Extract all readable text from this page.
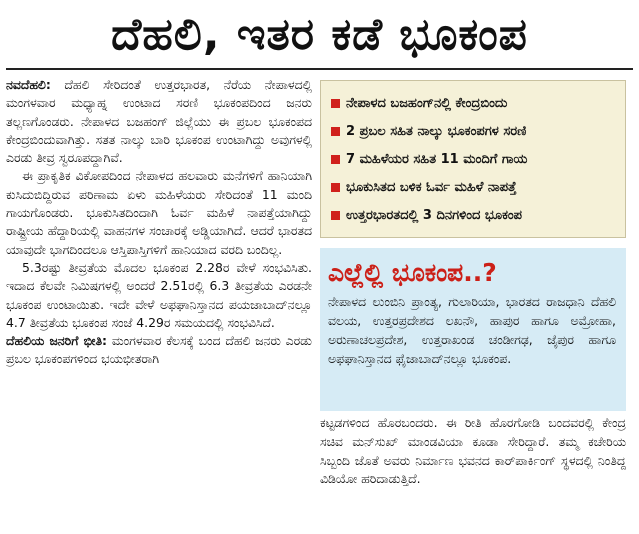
ದೆಹಲಿ, ಇತರ ಕಡೆ ಭೂಕಂಪ

ನವದೆಹಲಿ: ದೆಹಲಿ ಸೇರಿದಂತೆ ಉತ್ತರಭಾರತ, ನೆರೆಯ ನೇಪಾಳದಲ್ಲಿ ಮಂಗಳವಾರ ಮಧ್ಯಾಹ್ನ ಉಂಟಾದ ಸರಣಿ ಭೂಕಂಪದಿಂದ ಜನರು ತಲ್ಲಣಗೊಂಡರು. ನೇಪಾಳದ ಬಜಹಂಗ್ ಜಿಲ್ಲೆಯು ಈ ಪ್ರಬಲ ಭೂಕಂಪದ ಕೇಂದ್ರಬಿಂದುವಾಗಿತ್ತು. ಸತತ ನಾಲ್ಕು ಬಾರಿ ಭೂಕಂಪ ಉಂಟಾಗಿದ್ದು ಅವುಗಳಲ್ಲಿ ಎರಡು ತೀವ್ರ ಸ್ವರೂಪದ್ದಾಗಿವೆ.

ಈ ಪ್ರಾಕೃತಿಕ ವಿಕೋಪದಿಂದ ನೇಪಾಳದ ಹಲವಾರು ಮನೆಗಳಿಗೆ ಹಾನಿಯಾಗಿ ಕುಸಿದುಬಿದ್ದಿರುವ ಪರಿಣಾಮ ಏಳು ಮಹಿಳೆಯರು ಸೇರಿದಂತೆ 11 ಮಂದಿ ಗಾಯಗೊಂಡರು. ಭೂಕುಸಿತದಿಂದಾಗಿ ಓರ್ವ ಮಹಿಳೆ ನಾಪತ್ತೆಯಾಗಿದ್ದು ರಾಷ್ಟ್ರೀಯ ಹೆದ್ದಾರಿಯಲ್ಲಿ ವಾಹನಗಳ ಸಂಚಾರಕ್ಕೆ ಅಡ್ಡಿಯಾಗಿದೆ. ಆದರೆ ಭಾರತದ ಯಾವುದೇ ಭಾಗದಿಂದಲೂ ಆಸ್ತಿಪಾಸ್ತಿಗಳಿಗೆ ಹಾನಿಯಾದ ವರದಿ ಬಂದಿಲ್ಲ.

5.3ರಷ್ಟು ತೀವ್ರತೆಯ ಮೊದಲ ಭೂಕಂಪ 2.28ರ ವೇಳೆ ಸಂಭವಿಸಿತು. ಇದಾದ ಕೆಲವೇ ನಿಮಿಷಗಳಲ್ಲಿ ಅಂದರೆ 2.51ರಲ್ಲಿ 6.3 ತೀವ್ರತೆಯ ಎರಡನೇ ಭೂಕಂಪ ಉಂಟಾಯಿತು. ಇದೇ ವೇಳೆ ಅಫಘಾನಿಸ್ತಾನದ ಪಯಜಾಬಾದ್‌ನಲ್ಲೂ 4.7 ತೀವ್ರತೆಯ ಭೂಕಂಪ ಸಂಜೆ 4.29ರ ಸಮಯದಲ್ಲಿ ಸಂಭವಿಸಿದೆ.

ದೆಹಲಿಯ ಜನರಿಗೆ ಭೀತಿ: ಮಂಗಳವಾರ ಕೆಲಸಕ್ಕೆ ಬಂದ ದೆಹಲಿ ಜನರು ಎರಡು ಪ್ರಬಲ ಭೂಕಂಪಗಳಿಂದ ಭಯಭೀತರಾಗಿ

ನೇಪಾಳದ ಬಜಹಂಗ್‌ನಲ್ಲಿ ಕೇಂದ್ರಬಿಂದು
2 ಪ್ರಬಲ ಸಹಿತ ನಾಲ್ಕು ಭೂಕಂಪಗಳ ಸರಣಿ
7 ಮಹಿಳೆಯರ ಸಹಿತ 11 ಮಂದಿಗೆ ಗಾಯ
ಭೂಕುಸಿತದ ಬಳಿಕ ಓರ್ವ ಮಹಿಳೆ ನಾಪತ್ತೆ
ಉತ್ತರಭಾರತದಲ್ಲಿ 3 ದಿನಗಳಿಂದ ಭೂಕಂಪ
ಎಲ್ಲೆಲ್ಲಿ ಭೂಕಂಪ..?
ನೇಪಾಳದ ಲುಂಬಿನಿ ಪ್ರಾಂತ್ಯ, ಗುಲಾರಿಯಾ, ಭಾರತದ ರಾಜಧಾನಿ ದೆಹಲಿ ವಲಯ, ಉತ್ತರಪ್ರದೇಶದ ಲಖನೌ, ಹಾಪುರ ಹಾಗೂ ಅಮ್ರೋಹಾ, ಅರುಣಾಚಲಪ್ರದೇಶ, ಉತ್ತರಾಖಂಡ ಚಂಡೀಗಢ, ಜೈಪುರ ಹಾಗೂ ಅಫಘಾನಿಸ್ತಾನದ ಫೈಜಾಬಾದ್‌ನಲ್ಲೂ ಭೂಕಂಪ.

ಕಟ್ಟಡಗಳಿಂದ ಹೊರಬಂದರು. ಈ ರೀತಿ ಹೊರಗೋಡಿ ಬಂದವರಲ್ಲಿ ಕೇಂದ್ರ ಸಚಿವ ಮನ್‌ಸುಖ್ ಮಾಂಡವಿಯಾ ಕೂಡಾ ಸೇರಿದ್ದಾರೆ. ತಮ್ಮ ಕಚೇರಿಯ ಸಿಬ್ಬಂದಿ ಜೊತೆ ಅವರು ನಿರ್ಮಾಣ ಭವನದ ಕಾರ್‌ಪಾರ್ಕಿಂಗ್ ಸ್ಥಳದಲ್ಲಿ ನಿಂತಿದ್ದ ವಿಡಿಯೋ ಹರಿದಾಡುತ್ತಿದೆ.
